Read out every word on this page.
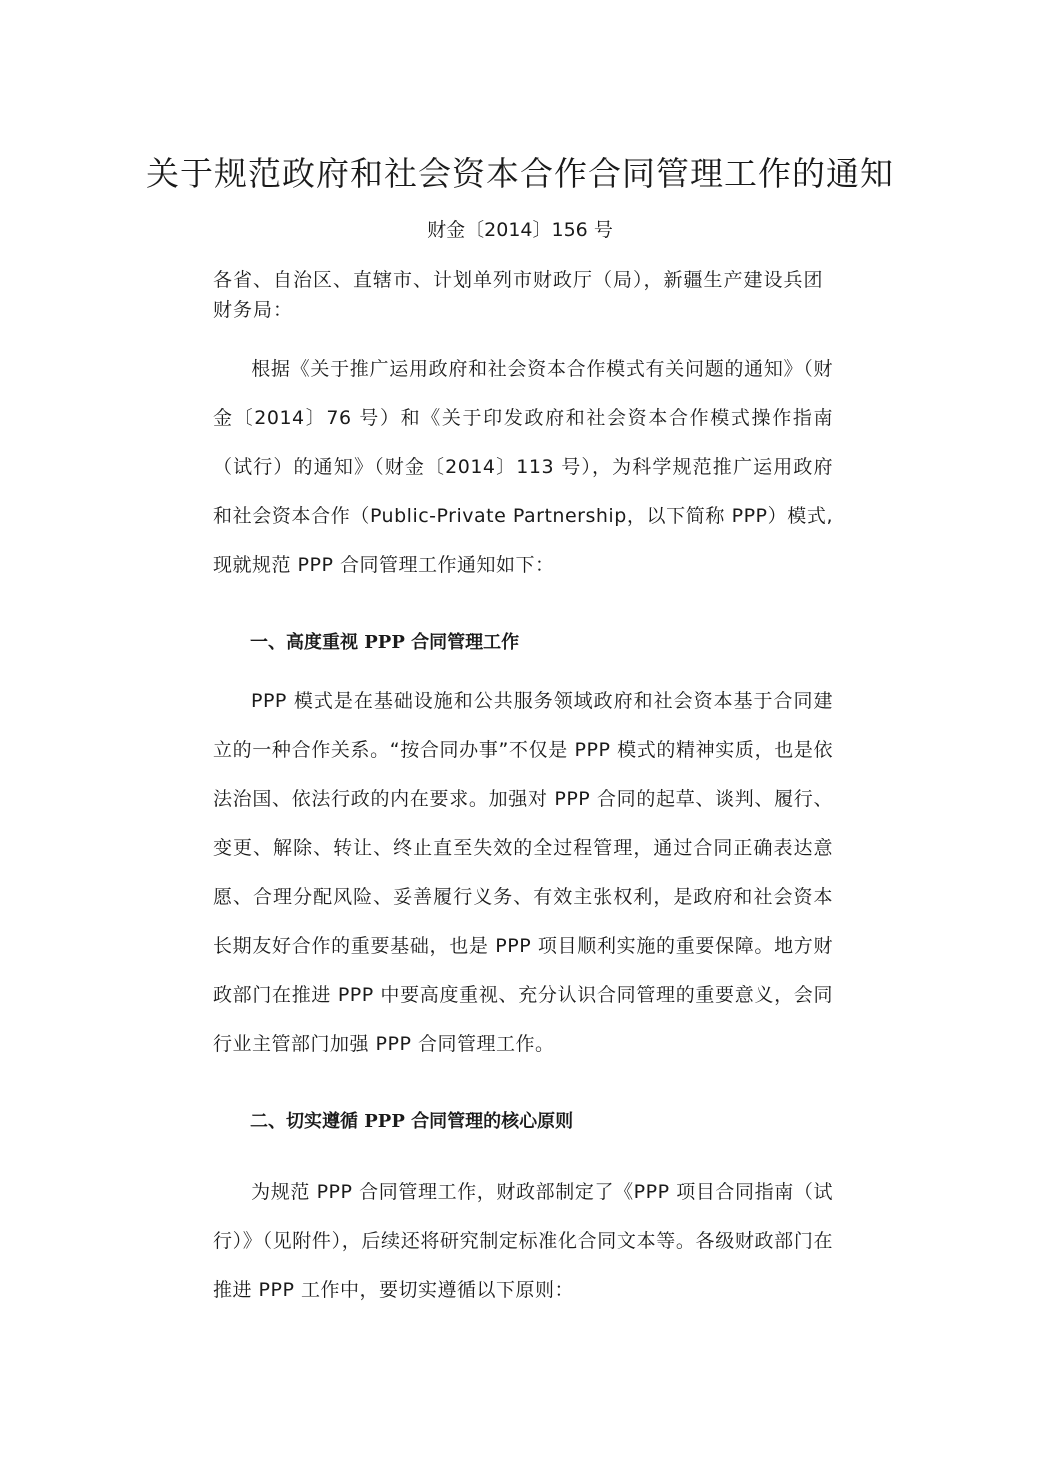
关于规范政府和社会资本合作合同管理工作的通知
财金〔2014〕156 号
各省、自治区、直辖市、计划单列市财政厅（局），新疆生产建设兵团财务局：
根据《关于推广运用政府和社会资本合作模式有关问题的通知》（财金〔2014〕76 号）和《关于印发政府和社会资本合作模式操作指南（试行）的通知》（财金〔2014〕113 号），为科学规范推广运用政府和社会资本合作（Public-Private Partnership，以下简称 PPP）模式,现就规范 PPP 合同管理工作通知如下：
一、高度重视 PPP 合同管理工作
PPP 模式是在基础设施和公共服务领域政府和社会资本基于合同建立的一种合作关系。“按合同办事”不仅是 PPP 模式的精神实质，也是依法治国、依法行政的内在要求。加强对 PPP 合同的起草、谈判、履行、变更、解除、转让、终止直至失效的全过程管理，通过合同正确表达意愿、合理分配风险、妥善履行义务、有效主张权利，是政府和社会资本长期友好合作的重要基础，也是 PPP 项目顺利实施的重要保障。地方财政部门在推进 PPP 中要高度重视、充分认识合同管理的重要意义，会同行业主管部门加强 PPP 合同管理工作。
二、切实遵循 PPP 合同管理的核心原则
为规范 PPP 合同管理工作，财政部制定了《PPP 项目合同指南（试行）》（见附件），后续还将研究制定标准化合同文本等。各级财政部门在推进 PPP 工作中，要切实遵循以下原则：
